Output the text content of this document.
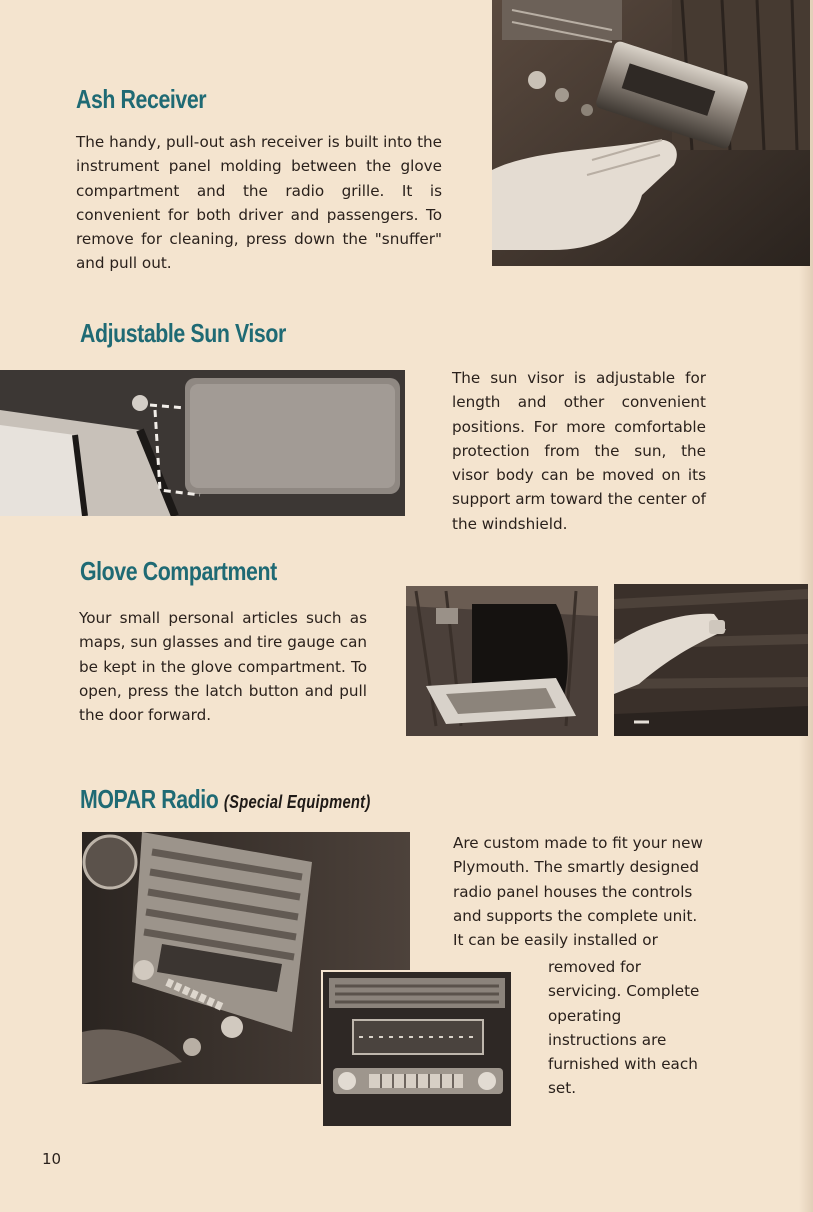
Ash Receiver

The handy, pull-out ash receiver is built into the instrument panel molding between the glove compartment and the radio grille. It is convenient for both driver and passengers. To remove for cleaning, press down the "snuffer" and pull out.

Adjustable Sun Visor

The sun visor is adjustable for length and other convenient positions. For more comfortable protection from the sun, the visor body can be moved on its support arm toward the center of the windshield.

Glove Compartment

Your small personal articles such as maps, sun glasses and tire gauge can be kept in the glove compartment. To open, press the latch button and pull the door forward.

MOPAR Radio (Special Equipment)

Are custom made to fit your new Plymouth. The smartly designed radio panel houses the controls and supports the complete unit. It can be easily installed or

removed for servicing. Complete operating instructions are furnished with each set.

10
